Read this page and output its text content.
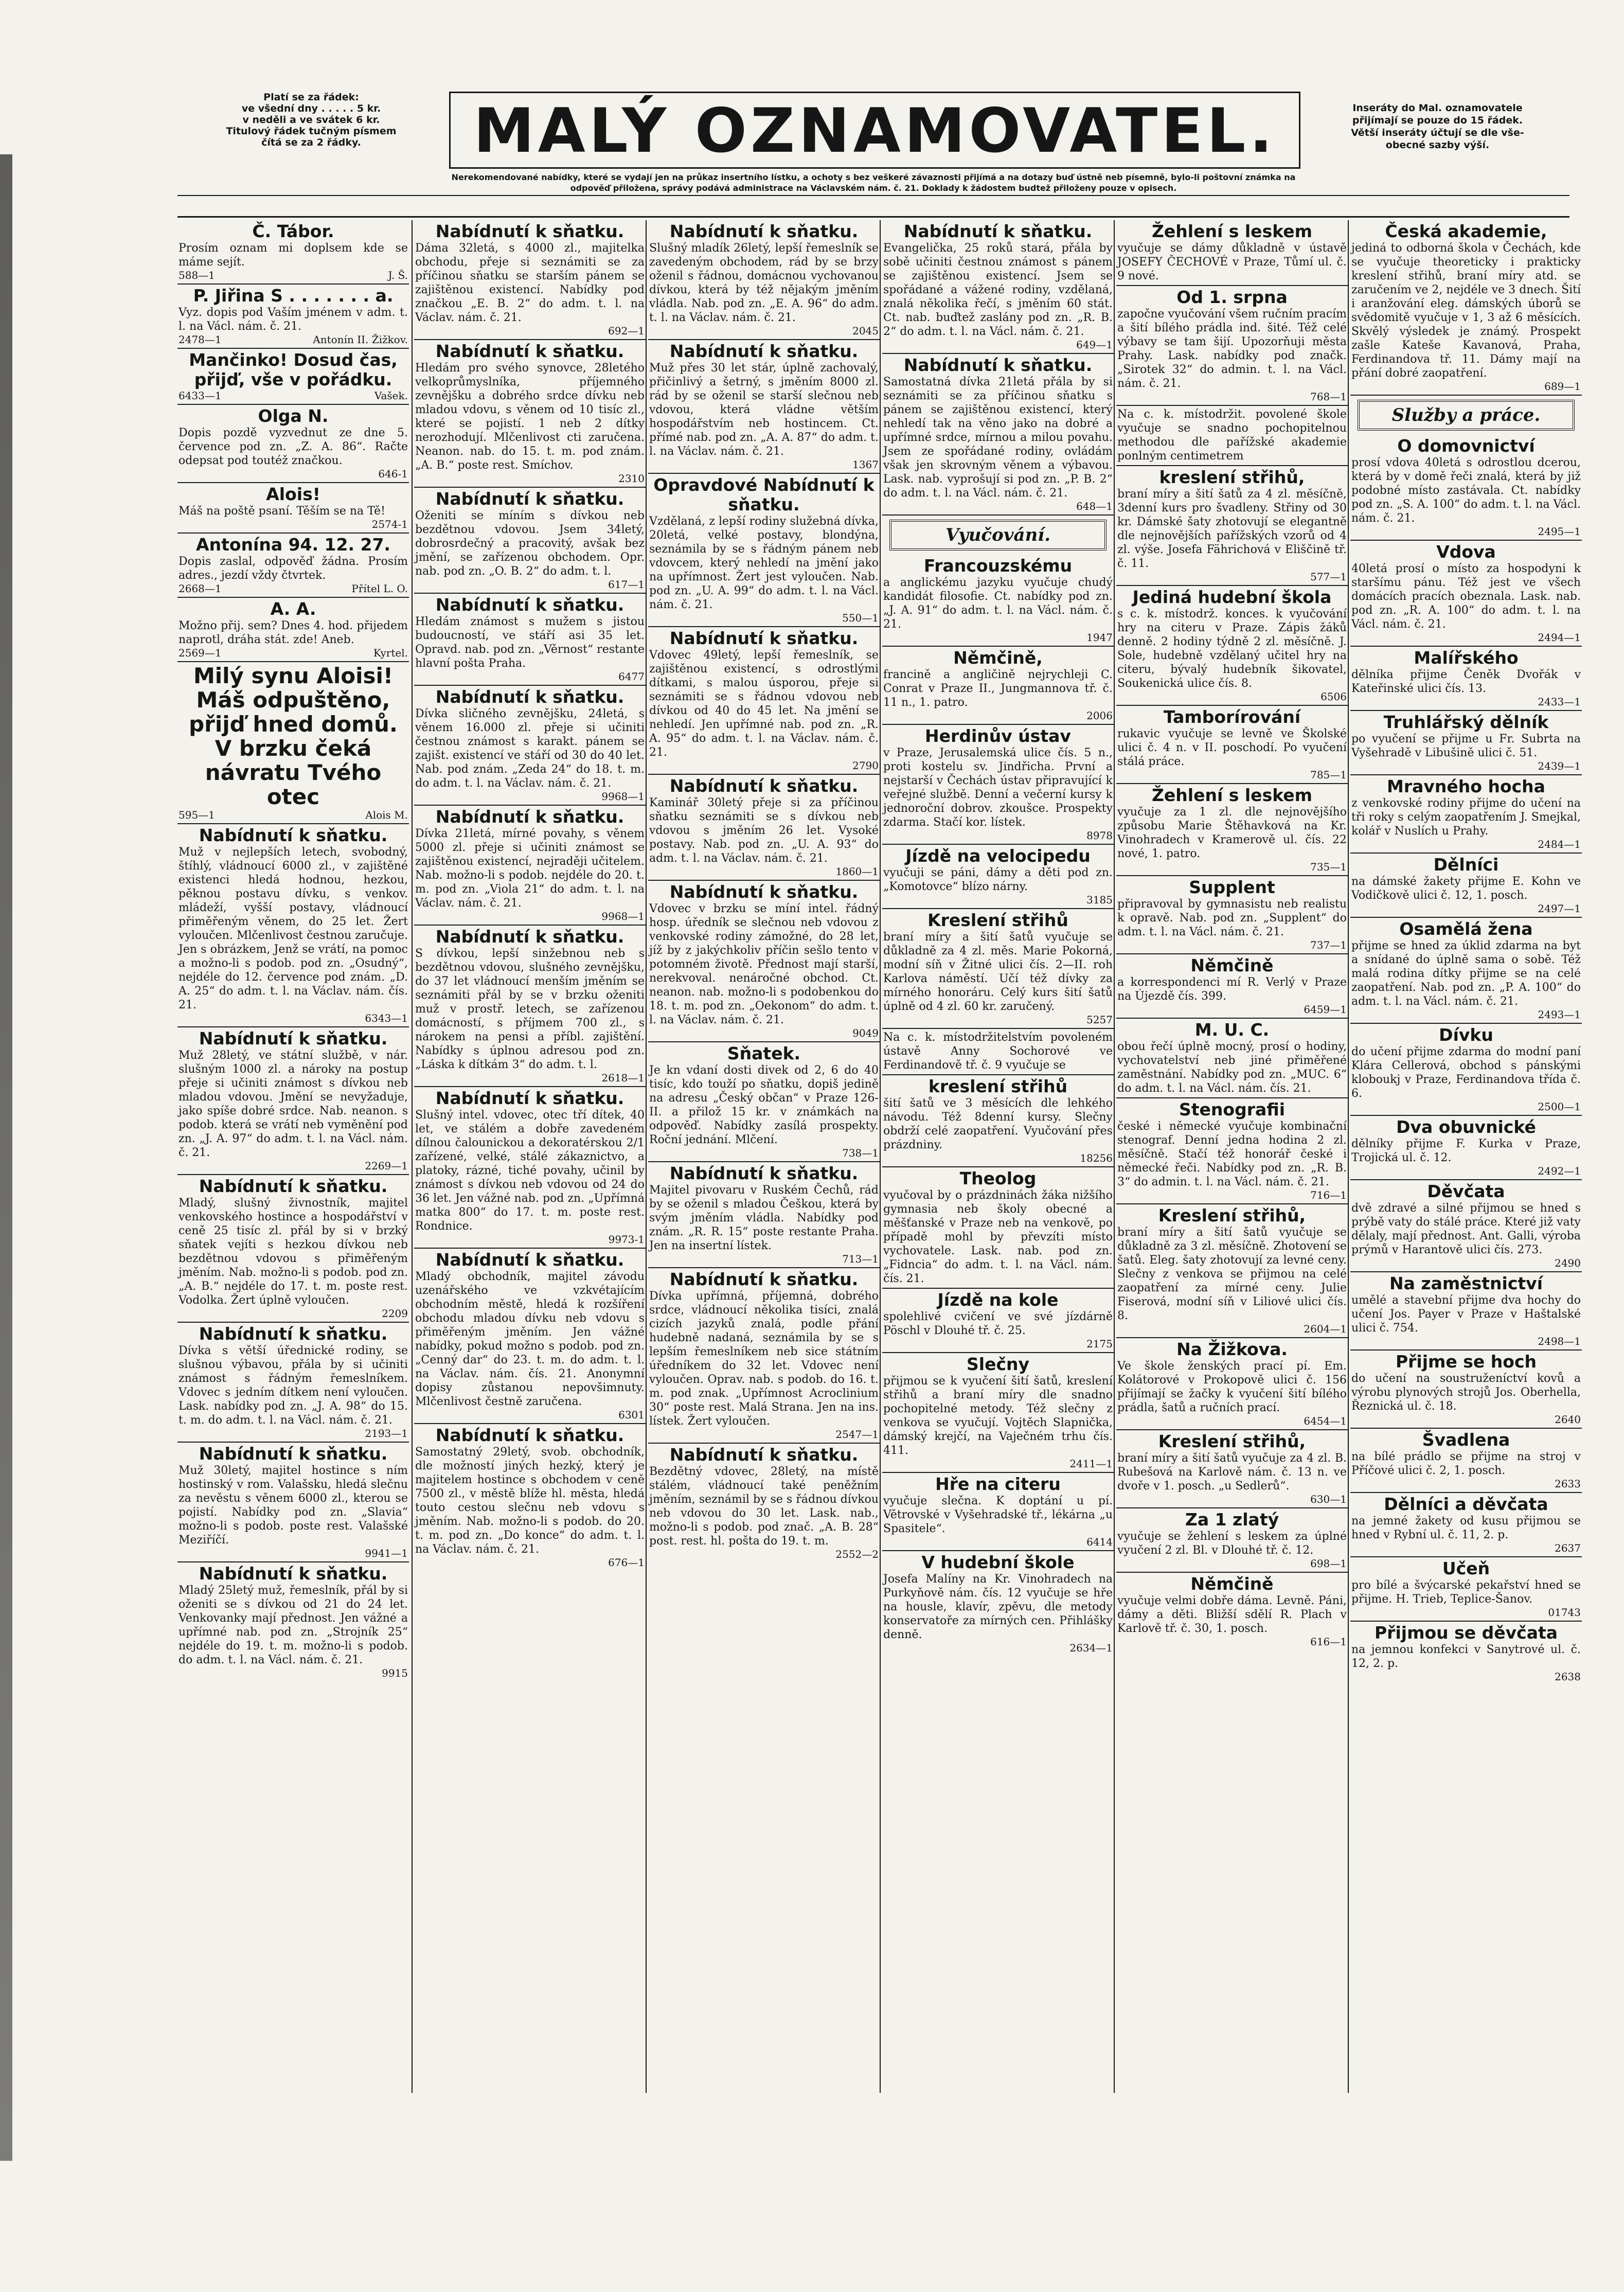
Platí se za řádek:
ve všední dny . . . . . 5 kr.
v neděli a ve svátek 6 kr.
Titulový řádek tučným písmem
čítá se za 2 řádky.	MALÝ OZNAMOVATEL.	Inseráty do Mal. oznamovatele
přijímají se pouze do 15 řádek.
Větší inseráty účtují se dle vše-
obecné sazby výší.
Nerekomendované nabídky, které se vydají jen na průkaz insertního lístku, a ochoty s bez veškeré závaznosti přijímá a na dotazy buď ústně neb písemně, bylo-li poštovní známka na
odpověď přiložena, správy podává administrace na Václavském nám. č. 21. Doklady k žádostem budtež přiloženy pouze v opisech.
Č. Tábor.
Prosím oznam mi doplsem kde se máme sejít.
588—1	J. Š.
P. Jiřina S . . . . . . . a.
Vyz. dopis pod Vaším jménem v adm. t. l. na Václ. nám. č. 21.
2478—1	Antonín II. Žižkov.
Mančinko! Dosud čas, přijď, vše v pořádku.
6433—1	Vašek.
Olga N.
Dopis pozdě vyzvednut ze dne 5. července pod zn. „Z. A. 86“. Račte odepsat pod toutéž značkou.
646-1
Alois!
Máš na poště psaní. Těším se na Tě!
2574-1
Antonína 94. 12. 27.
Dopis zaslal, odpověď žádna. Prosím adres., jezdí vždy čtvrtek.
2668—1	Přítel L. O.
A. A.
Možno přij. sem? Dnes 4. hod. přijedem naprotl, dráha stát. zde! Aneb.
2569—1	Kyrtel.
Milý synu Aloisi! Máš odpuštěno, přijď hned domů. V brzku čeká návratu Tvého otec
595—1	Alois M.
Nabídnutí k sňatku.
Muž v nejlepších letech, svobodný, štíhlý, vládnoucí 6000 zl., v zajištěné existenci hledá hodnou, hezkou, pěknou postavu dívku, s venkov. mládeží, vyšší postavy, vládnoucí přiměřeným věnem, do 25 let. Žert vyloučen. Mlčenlivost čestnou zaručuje. Jen s obrázkem, Jenž se vrátí, na pomoc a možno-li s podob. pod zn. „Osudný“, nejdéle do 12. července pod znám. „D. A. 25“ do adm. t. l. na Václav. nám. čís. 21.
6343—1
Nabídnutí k sňatku.
Muž 28letý, ve státní službě, v nár. slušným 1000 zl. a nároky na postup přeje si učiniti známost s dívkou neb mladou vdovou. Jmění se nevyžaduje, jako spíše dobré srdce. Nab. neanon. s podob. která se vrátí neb vyměnění pod zn. „J. A. 97“ do adm. t. l. na Václ. nám. č. 21.
2269—1
Nabídnutí k sňatku.
Mladý, slušný živnostník, majitel venkovského hostince a hospodářství v ceně 25 tisíc zl. přál by si v brzký sňatek vejíti s hezkou dívkou neb bezdětnou vdovou s přiměřeným jměním. Nab. možno-li s podob. pod zn. „A. B.“ nejdéle do 17. t. m. poste rest. Vodolka. Žert úplně vyloučen.
2209
Nabídnutí k sňatku.
Dívka s větší úřednické rodiny, se slušnou výbavou, přála by si učiniti známost s řádným řemeslníkem. Vdovec s jedním dítkem není vyloučen. Lask. nabídky pod zn. „J. A. 98“ do 15. t. m. do adm. t. l. na Václ. nám. č. 21.
2193—1
Nabídnutí k sňatku.
Muž 30letý, majitel hostince s ním hostinský v rom. Valašsku, hledá slečnu za nevěstu s věnem 6000 zl., kterou se pojistí. Nabídky pod zn. „Slavia“ možno-li s podob. poste rest. Valašské Meziříčí.
9941—1
Nabídnutí k sňatku.
Mladý 25letý muž, řemeslník, přál by si oženiti se s dívkou od 21 do 24 let. Venkovanky mají přednost. Jen vážné a upřímné nab. pod zn. „Strojník 25“ nejdéle do 19. t. m. možno-li s podob. do adm. t. l. na Václ. nám. č. 21.
9915
Nabídnutí k sňatku.
Dáma 32letá, s 4000 zl., majitelka obchodu, přeje si seznámiti se za příčinou sňatku se starším pánem se zajištěnou existencí. Nabídky pod značkou „E. B. 2“ do adm. t. l. na Václav. nám. č. 21.
692—1
Nabídnutí k sňatku.
Hledám pro svého synovce, 28letého velkoprůmyslníka, příjemného zevnějšku a dobrého srdce dívku neb mladou vdovu, s věnem od 10 tisíc zl., které se pojistí. 1 neb 2 dítky nerozhodují. Mlčenlivost cti zaručena. Neanon. nab. do 15. t. m. pod znám. „A. B.“ poste rest. Smíchov.
2310
Nabídnutí k sňatku.
Oženiti se míním s dívkou neb bezdětnou vdovou. Jsem 34letý, dobrosrdečný a pracovitý, avšak bez jmění, se zařízenou obchodem. Opr. nab. pod zn. „O. B. 2“ do adm. t. l.
617—1
Nabídnutí k sňatku.
Hledám známost s mužem s jistou budoucností, ve stáří asi 35 let. Opravd. nab. pod zn. „Věrnost“ restante hlavní pošta Praha.
6477
Nabídnutí k sňatku.
Dívka sličného zevnějšku, 24letá, s věnem 16.000 zl. přeje si učiniti čestnou známost s karakt. pánem se zajišt. existencí ve stáří od 30 do 40 let. Nab. pod znám. „Zeda 24“ do 18. t. m. do adm. t. l. na Václav. nám. č. 21.
9968—1
Nabídnutí k sňatku.
Dívka 21letá, mírné povahy, s věnem 5000 zl. přeje si učiniti známost se zajištěnou existencí, nejraději učitelem. Nab. možno-li s podob. nejdéle do 20. t. m. pod zn. „Viola 21“ do adm. t. l. na Václav. nám. č. 21.
9968—1
Nabídnutí k sňatku.
S dívkou, lepší sinžebnou neb s bezdětnou vdovou, slušného zevnějšku, do 37 let vládnoucí menším jměním se seznámiti přál by se v brzku oženiti muž v prostř. letech, se zařízenou domácností, s příjmem 700 zl., s nárokem na pensi a příbl. zajištění. Nabídky s úplnou adresou pod zn. „Láska k dítkám 3“ do adm. t. l.
2618—1
Nabídnutí k sňatku.
Slušný intel. vdovec, otec tří dítek, 40 let, ve stálém a dobře zavedeném dílnou čalounickou a dekoratérskou 2/1 zařízené, velké, stálé zákaznictvo, a platoky, rázné, tiché povahy, učinil by známost s dívkou neb vdovou od 24 do 36 let. Jen vážné nab. pod zn. „Upřímná matka 800“ do 17. t. m. poste rest. Rondnice.
9973-1
Nabídnutí k sňatku.
Mladý obchodník, majitel závodu uzenářského ve vzkvétajícím obchodním městě, hledá k rozšíření obchodu mladou dívku neb vdovu s přiměřeným jměním. Jen vážné nabídky, pokud možno s podob. pod zn. „Cenný dar“ do 23. t. m. do adm. t. l. na Václav. nám. čís. 21. Anonymní dopisy zůstanou nepovšimnuty. Mlčenlivost čestně zaručena.
6301
Nabídnutí k sňatku.
Samostatný 29letý, svob. obchodník, dle možností jiných hezký, který je majitelem hostince s obchodem v ceně 7500 zl., v městě blíže hl. města, hledá touto cestou slečnu neb vdovu s jměním. Nab. možno-li s podob. do 20. t. m. pod zn. „Do konce“ do adm. t. l. na Václav. nám. č. 21.
676—1
Nabídnutí k sňatku.
Slušný mladík 26letý, lepší řemeslník se zavedeným obchodem, rád by se brzy oženil s řádnou, domácnou vychovanou dívkou, která by též nějakým jměním vládla. Nab. pod zn. „E. A. 96“ do adm. t. l. na Václav. nám. č. 21.
2045
Nabídnutí k sňatku.
Muž přes 30 let stár, úplně zachovalý, přičinlivý a šetrný, s jměním 8000 zl. rád by se oženil se starší slečnou neb vdovou, která vládne větším hospodářstvím neb hostincem. Ct. přímé nab. pod zn. „A. A. 87“ do adm. t. l. na Václav. nám. č. 21.
1367
Opravdové Nabídnutí k sňatku.
Vzdělaná, z lepší rodiny služebná dívka, 20letá, velké postavy, blondýna, seznámila by se s řádným pánem neb vdovcem, který nehledí na jmění jako na upřímnost. Žert jest vyloučen. Nab. pod zn. „U. A. 99“ do adm. t. l. na Václ. nám. č. 21.
550—1
Nabídnutí k sňatku.
Vdovec 49letý, lepší řemeslník, se zajištěnou existencí, s odrostlými dítkami, s malou úsporou, přeje si seznámiti se s řádnou vdovou neb dívkou od 40 do 45 let. Na jmění se nehledí. Jen upřímné nab. pod zn. „R. A. 95“ do adm. t. l. na Václav. nám. č. 21.
2790
Nabídnutí k sňatku.
Kaminář 30letý přeje si za příčinou sňatku seznámiti se s dívkou neb vdovou s jměním 26 let. Vysoké postavy. Nab. pod zn. „U. A. 93“ do adm. t. l. na Václav. nám. č. 21.
1860—1
Nabídnutí k sňatku.
Vdovec v brzku se míní intel. řádný hosp. úředník se slečnou neb vdovou z venkovské rodiny zámožné, do 28 let, jíž by z jakýchkoliv příčin sešlo tento v potomném životě. Přednost mají starší, nerekvoval. nenáročné obchod. Ct. neanon. nab. možno-li s podobenkou do 18. t. m. pod zn. „Oekonom“ do adm. t. l. na Václav. nám. č. 21.
9049
Sňatek.
Je kn vdaní dosti divek od 2, 6 do 40 tisíc, kdo touží po sňatku, dopiš jedině na adresu „Český občan“ v Praze 126-II. a přilož 15 kr. v známkách na odpověď. Nabídky zasílá prospekty. Roční jednání. Mlčení.
738—1
Nabídnutí k sňatku.
Majitel pivovaru v Ruském Čechů, rád by se oženil s mladou Češkou, která by svým jměním vládla. Nabídky pod znám. „R. R. 15“ poste restante Praha. Jen na insertní lístek.
713—1
Nabídnutí k sňatku.
Dívka upřímná, příjemná, dobrého srdce, vládnoucí několika tisíci, znalá cizích jazyků znalá, podle přání hudebně nadaná, seznámila by se s lepším řemeslníkem neb sice státním úředníkem do 32 let. Vdovec není vyloučen. Oprav. nab. s podob. do 16. t. m. pod znak. „Upřímnost Acroclinium 30“ poste rest. Malá Strana. Jen na ins. lístek. Žert vyloučen.
2547—1
Nabídnutí k sňatku.
Bezdětný vdovec, 28letý, na místě stálém, vládnoucí také peněžním jměním, seznámil by se s řádnou dívkou neb vdovou do 30 let. Lask. nab., možno-li s podob. pod znač. „A. B. 28“ post. rest. hl. pošta do 19. t. m.
2552—2
Nabídnutí k sňatku.
Evangelička, 25 roků stará, přála by sobě učiniti čestnou známost s pánem se zajištěnou existencí. Jsem se spořádané a vážené rodiny, vzdělaná, znalá několika řečí, s jměním 60 stát. Ct. nab. buďtež zaslány pod zn. „R. B. 2“ do adm. t. l. na Václ. nám. č. 21.
649—1
Nabídnutí k sňatku.
Samostatná dívka 21letá přála by si seznámiti se za příčinou sňatku s pánem se zajištěnou existencí, který nehledí tak na věno jako na dobré a upřímné srdce, mírnou a milou povahu. Jsem ze spořádané rodiny, ovládám však jen skrovným věnem a výbavou. Lask. nab. vyprošují si pod zn. „P. B. 2“ do adm. t. l. na Václ. nám. č. 21.
648—1
Vyučování.
Francouzskému
a anglickému jazyku vyučuje chudý kandidát filosofie. Ct. nabídky pod zn. „J. A. 91“ do adm. t. l. na Václ. nám. č. 21.
1947
Němčině,
francině a angličině nejrychleji C. Conrat v Praze II., Jungmannova tř. č. 11 n., 1. patro.
2006
Herdinův ústav
v Praze, Jerusalemská ulice čís. 5 n., proti kostelu sv. Jindřicha. První a nejstarší v Čechách ústav připravující k veřejné službě. Denní a večerní kursy k jednoroční dobrov. zkoušce. Prospekty zdarma. Stačí kor. lístek.
8978
Jízdě na velocipedu
vyučuji se páni, dámy a děti pod zn. „Komotovce“ blízo nárny.
3185
Kreslení střihů
braní míry a šití šatů vyučuje se důkladně za 4 zl. měs. Marie Pokorná, modní síň v Žitné ulici čís. 2—II. roh Karlova náměstí. Učí též dívky za mírného honoráru. Celý kurs šití šatů úplně od 4 zl. 60 kr. zaručený.
5257
Na c. k. místodržitelstvím povoleném ústavě Anny Sochorové ve Ferdinandově tř. č. 9 vyučuje se
kreslení střihů
šití šatů ve 3 měsících dle lehkého návodu. Též 8denní kursy. Slečny obdrží celé zaopatření. Vyučování přes prázdniny.
18256
Theolog
vyučoval by o prázdninách žáka nižšího gymnasia neb školy obecné a měšťanské v Praze neb na venkově, po případě mohl by převzíti místo vychovatele. Lask. nab. pod zn. „Fidncia“ do adm. t. l. na Václ. nám. čís. 21.
Jízdě na kole
spolehlivé cvičení ve své jízdárně Pöschl v Dlouhé tř. č. 25.
2175
Slečny
přijmou se k vyučení šití šatů, kreslení střihů a braní míry dle snadno pochopitelné metody. Též slečny z venkova se vyučují. Vojtěch Slapnička, dámský krejčí, na Vaječném trhu čís. 411.
2411—1
Hře na citeru
vyučuje slečna. K doptání u pí. Větrovské v Vyšehradské tř., lékárna „u Spasitele“.
6414
V hudební škole
Josefa Malíny na Kr. Vinohradech na Purkyňově nám. čís. 12 vyučuje se hře na housle, klavír, zpěvu, dle metody konservatoře za mírných cen. Přihlášky denně.
2634—1
Žehlení s leskem
vyučuje se dámy důkladně v ústavě JOSEFY ČECHOVÉ v Praze, Tůmí ul. č. 9 nové.
Od 1. srpna
započne vyučování všem ručním pracím a šití bílého prádla ind. šité. Též celé výbavy se tam šijí. Upozorňuji města Prahy. Lask. nabídky pod značk. „Sirotek 32“ do admin. t. l. na Václ. nám. č. 21.
768—1
Na c. k. místodržit. povolené škole vyučuje se snadno pochopitelnou methodou dle pařížské akademie ponlným centimetrem
kreslení střihů,
braní míry a šití šatů za 4 zl. měsíčně, 3denní kurs pro švadleny. Střiny od 30 kr. Dámské šaty zhotovují se elegantně dle nejnovějších pařížských vzorů od 4 zl. výše. Josefa Fährichová v Eliščině tř. č. 11.
577—1
Jediná hudební škola
s c. k. místodrž. konces. k vyučování hry na citeru v Praze. Zápis žáků denně. 2 hodiny týdně 2 zl. měsíčně. J. Sole, hudebně vzdělaný učitel hry na citeru, bývalý hudebník šikovatel, Soukenická ulice čís. 8.
6506
Tamborírování
rukavic vyučuje se levně ve Školské ulici č. 4 n. v II. poschodí. Po vyučení stálá práce.
785—1
Žehlení s leskem
vyučuje za 1 zl. dle nejnovějšího způsobu Marie Štěhavková na Kr. Vinohradech v Kramerově ul. čís. 22 nové, 1. patro.
735—1
Supplent
připravoval by gymnasistu neb realistu k opravě. Nab. pod zn. „Supplent“ do adm. t. l. na Václ. nám. č. 21.
737—1
Němčině
a korrespondenci mí R. Verlý v Praze na Újezdě čís. 399.
6459—1
M. U. C.
obou řečí úplně mocný, prosí o hodiny, vychovatelství neb jiné přiměřené zaměstnání. Nabídky pod zn. „MUC. 6“ do adm. t. l. na Václ. nám. čís. 21.
Stenografii
české i německé vyučuje kombinační stenograf. Denní jedna hodina 2 zl. měsíčně. Stačí též honorář české i německé řeči. Nabídky pod zn. „R. B. 3“ do admin. t. l. na Václ. nám. č. 21.
716—1
Kreslení střihů,
braní míry a šití šatů vyučuje se důkladně za 3 zl. měsíčně. Zhotovení se šatů. Eleg. šaty zhotovují za levné ceny. Slečny z venkova se přijmou na celé zaopatření za mírné ceny. Julie Fiserová, modní síň v Liliové ulici čís. 8.
2604—1
Na Žižkova.
Ve škole ženských prací pí. Em. Kolátorové v Prokopově ulici č. 156 přijímají se žačky k vyučení šití bílého prádla, šatů a ručních prací.
6454—1
Kreslení střihů,
braní míry a šití šatů vyučuje za 4 zl. B. Rubešová na Karlově nám. č. 13 n. ve dvoře v 1. posch. „u Sedlerů“.
630—1
Za 1 zlatý
vyučuje se žehlení s leskem za úplné vyučení 2 zl. Bl. v Dlouhé tř. č. 12.
698—1
Němčině
vyučuje velmi dobře dáma. Levně. Páni, dámy a děti. Bližší sdělí R. Plach v Karlově tř. č. 30, 1. posch.
616—1
Česká akademie,
jediná to odborná škola v Čechách, kde se vyučuje theoreticky i prakticky kreslení střihů, braní míry atd. se zaručením ve 2, nejdéle ve 3 dnech. Šití i aranžování eleg. dámských úborů se svědomitě vyučuje v 1, 3 až 6 měsících. Skvělý výsledek je známý. Prospekt zašle Kateše Kavanová, Praha, Ferdinandova tř. 11. Dámy mají na přání dobré zaopatření.
689—1
Služby a práce.
O domovnictví
prosí vdova 40letá s odrostlou dcerou, která by v domě řeči znalá, která by již podobné místo zastávala. Ct. nabídky pod zn. „S. A. 100“ do adm. t. l. na Václ. nám. č. 21.
2495—1
Vdova
40letá prosí o místo za hospodyni k staršímu pánu. Též jest ve všech domácích pracích obeznala. Lask. nab. pod zn. „R. A. 100“ do adm. t. l. na Václ. nám. č. 21.
2494—1
Malířského
dělníka přijme Čeněk Dvořák v Kateřinské ulici čís. 13.
2433—1
Truhlářský dělník
po vyučení se přijme u Fr. Subrta na Vyšehradě v Libušině ulici č. 51.
2439—1
Mravného hocha
z venkovské rodiny přijme do učení na tři roky s celým zaopatřením J. Smejkal, kolář v Nuslích u Prahy.
2484—1
Dělníci
na dámské žakety přijme E. Kohn ve Vodičkově ulici č. 12, 1. posch.
2497—1
Osamělá žena
přijme se hned za úklid zdarma na byt a snídané do úplně sama o sobě. Též malá rodina dítky přijme se na celé zaopatření. Nab. pod zn. „P. A. 100“ do adm. t. l. na Václ. nám. č. 21.
2493—1
Dívku
do učení přijme zdarma do modní paní Klára Cellerová, obchod s pánskými kloboukj v Praze, Ferdinandova třída č. 6.
2500—1
Dva obuvnické
dělníky přijme F. Kurka v Praze, Trojická ul. č. 12.
2492—1
Děvčata
dvě zdravé a silné přijmou se hned s prýbě vaty do stálé práce. Které již vaty dělaly, mají přednost. Ant. Galli, výroba prýmů v Harantově ulici čís. 273.
2490
Na zaměstnictví
umělé a stavební přijme dva hochy do učení Jos. Payer v Praze v Haštalské ulici č. 754.
2498—1
Přijme se hoch
do učení na soustruženíctví kovů a výrobu plynových strojů Jos. Oberhella, Řeznická ul. č. 18.
2640
Švadlena
na bílé prádlo se přijme na stroj v Příčové ulici č. 2, 1. posch.
2633
Dělníci a děvčata
na jemné žakety od kusu přijmou se hned v Rybní ul. č. 11, 2. p.
2637
Učeň
pro bílé a švýcarské pekařství hned se přijme. H. Trieb, Teplice-Šanov.
01743
Přijmou se děvčata
na jemnou konfekci v Sanytrové ul. č. 12, 2. p.
2638
